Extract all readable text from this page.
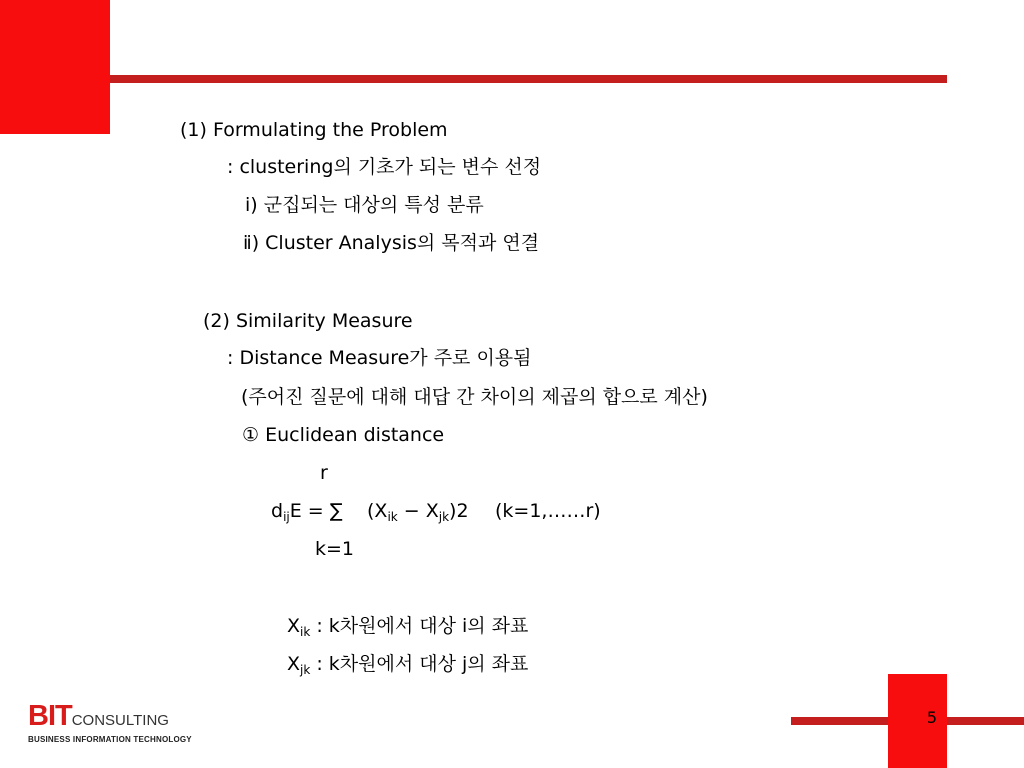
(1) Formulating the Problem
: clustering의 기초가 되는 변수 선정
ⅰ) 군집되는 대상의 특성 분류
ⅱ) Cluster Analysis의 목적과 연결
(2) Similarity Measure
: Distance Measure가 주로 이용됨
(주어진 질문에 대해 대답 간 차이의 제곱의 합으로 계산)
① Euclidean distance
r
$d_{ij}E$ = ∑ $(X_{ik} - X_{jk})2$ (k=1,……r)
k=1
$X_{ik}$ : k차원에서 대상 i의 좌표
$X_{jk}$ : k차원에서 대상 j의 좌표
BITCONSULTING
BUSINESS INFORMATION TECHNOLOGY
5
